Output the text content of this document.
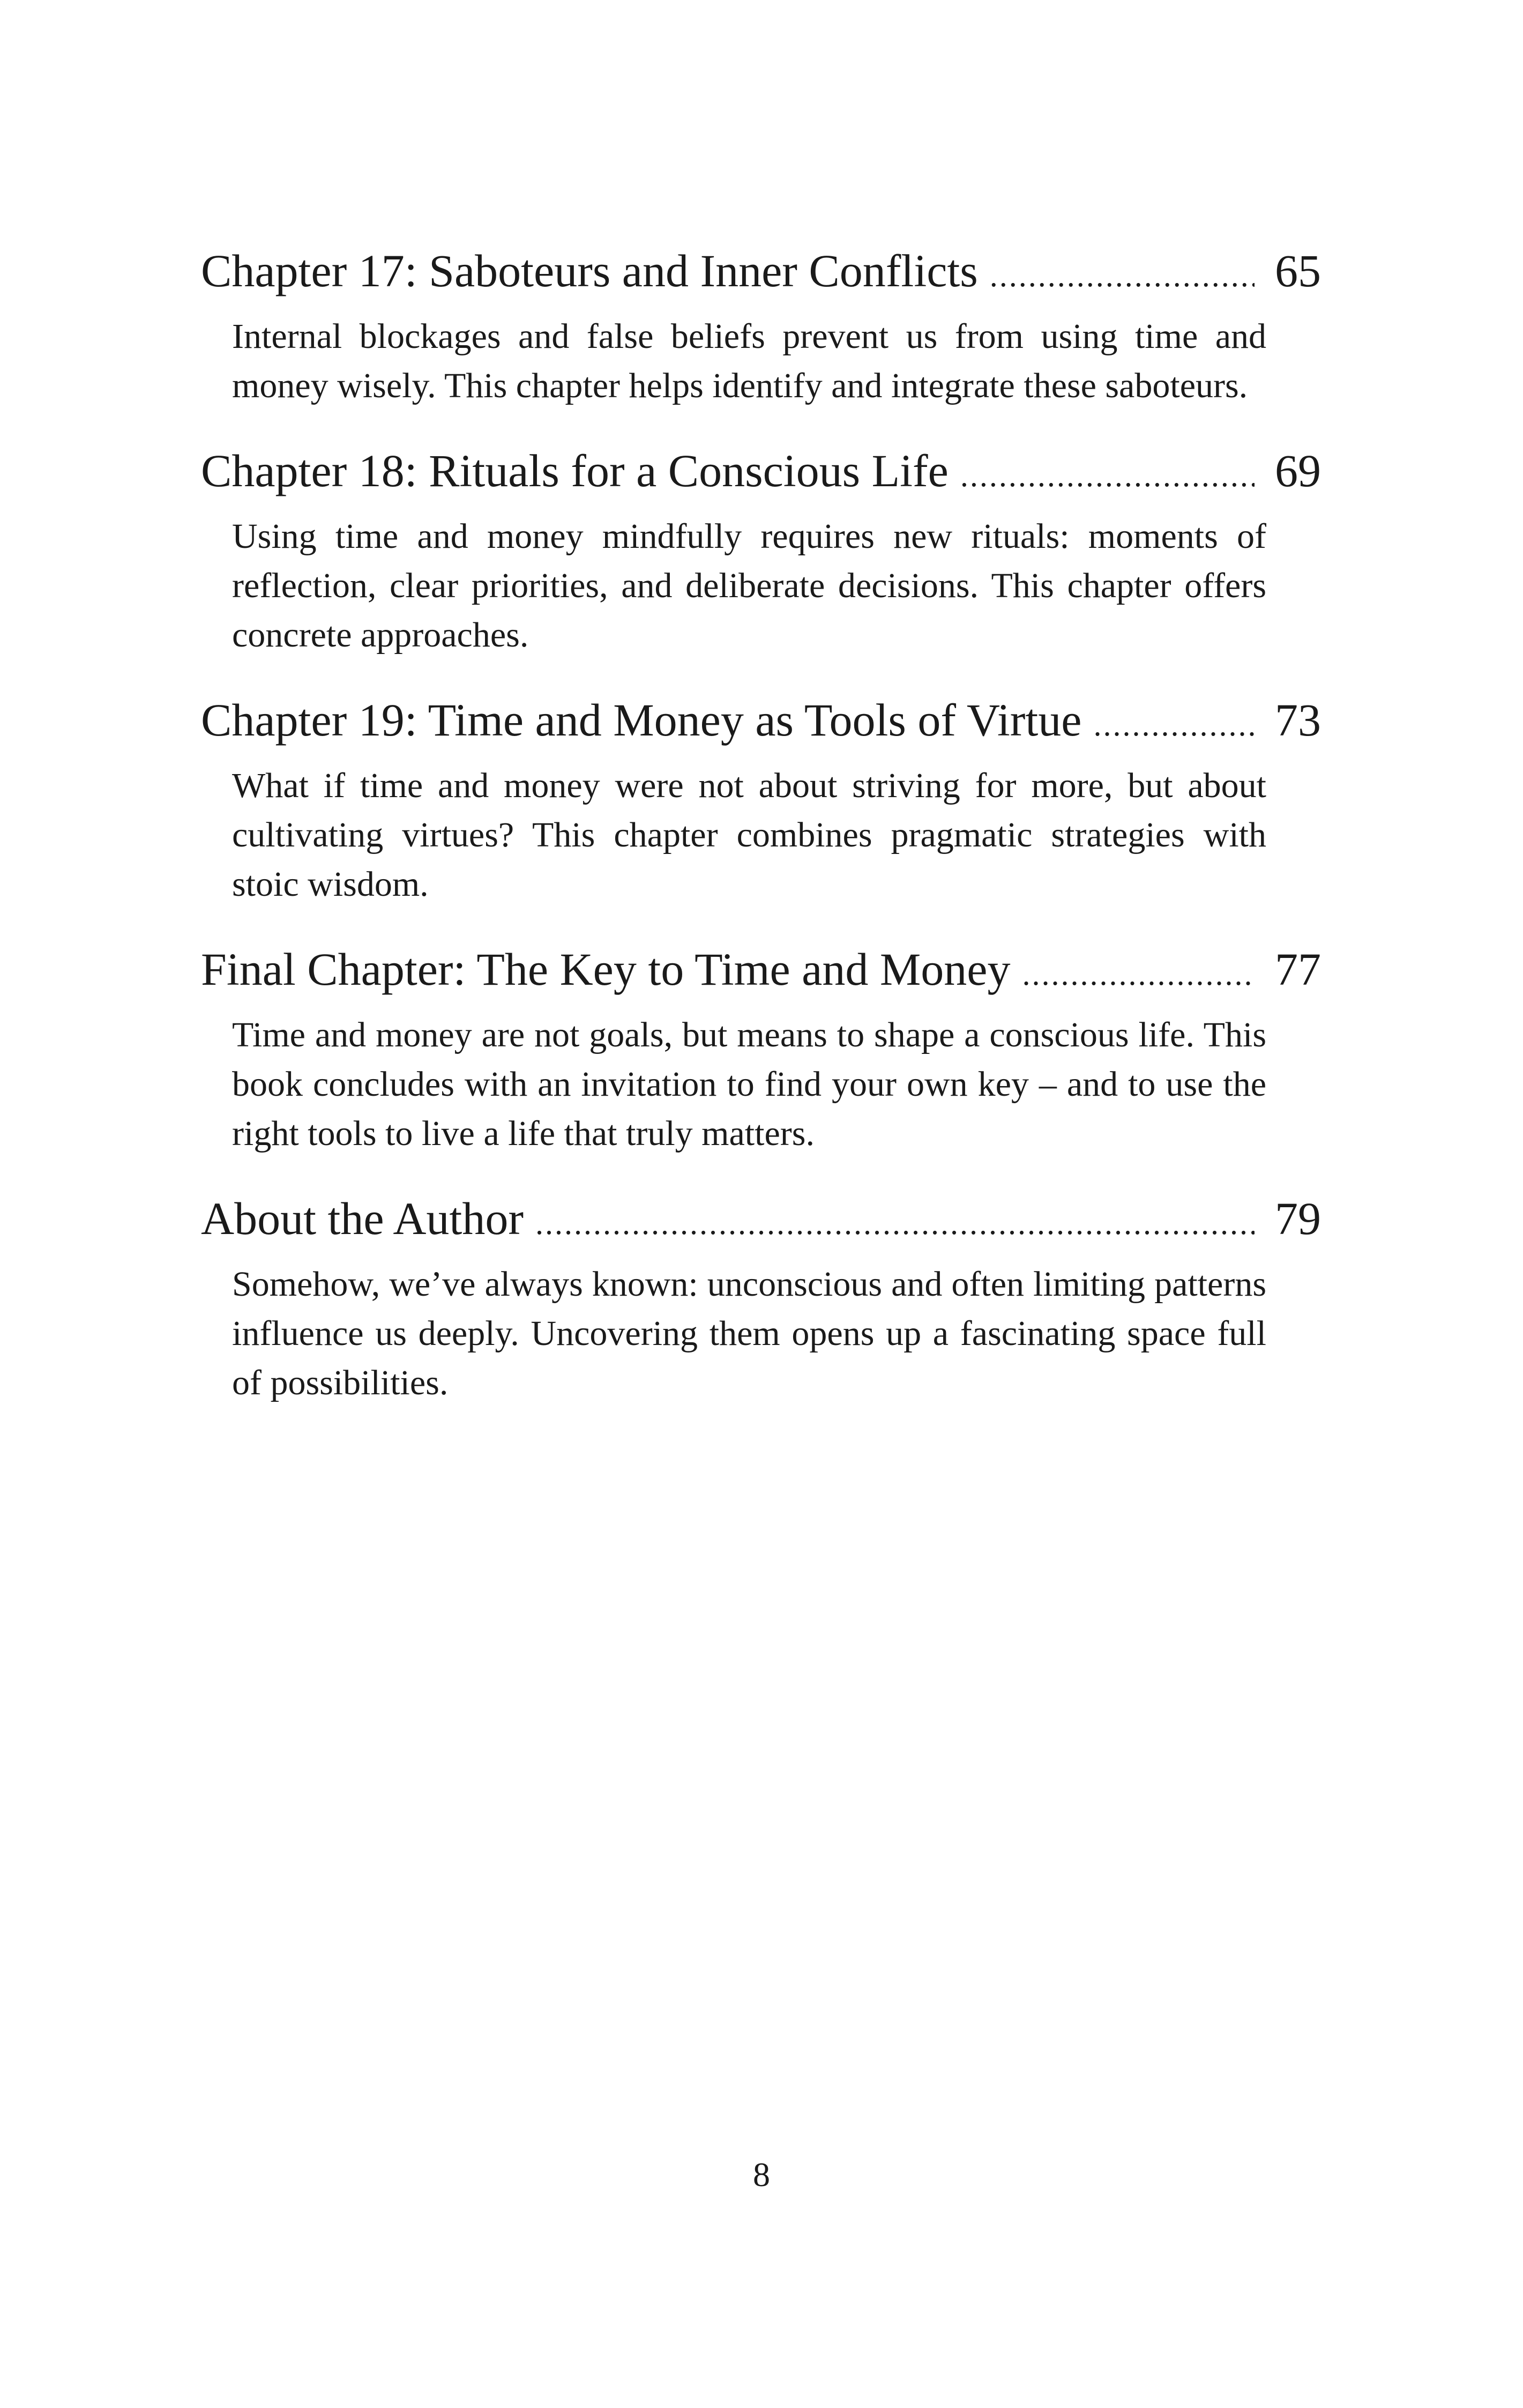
Chapter 17: Saboteurs and Inner Conflicts . . .	65
Internal blockages and false beliefs prevent us from using time and money wisely. This chapter helps identify and integrate these saboteurs.
Chapter 18: Rituals for a Conscious Life . . .	69
Using time and money mindfully requires new rituals: moments of reflection, clear priorities, and deliberate decisions. This chapter offers concrete approaches.
Chapter 19: Time and Money as Tools of Virtue . . .	73
What if time and money were not about striving for more, but about cultivating virtues? This chapter combines pragmatic strategies with stoic wisdom.
Final Chapter: The Key to Time and Money . . .	77
Time and money are not goals, but means to shape a conscious life. This book concludes with an invitation to find your own key – and to use the right tools to live a life that truly matters.
About the Author . . .	79
Somehow, we’ve always known: unconscious and often limiting patterns influence us deeply. Uncovering them opens up a fascinating space full of possibilities.
8
